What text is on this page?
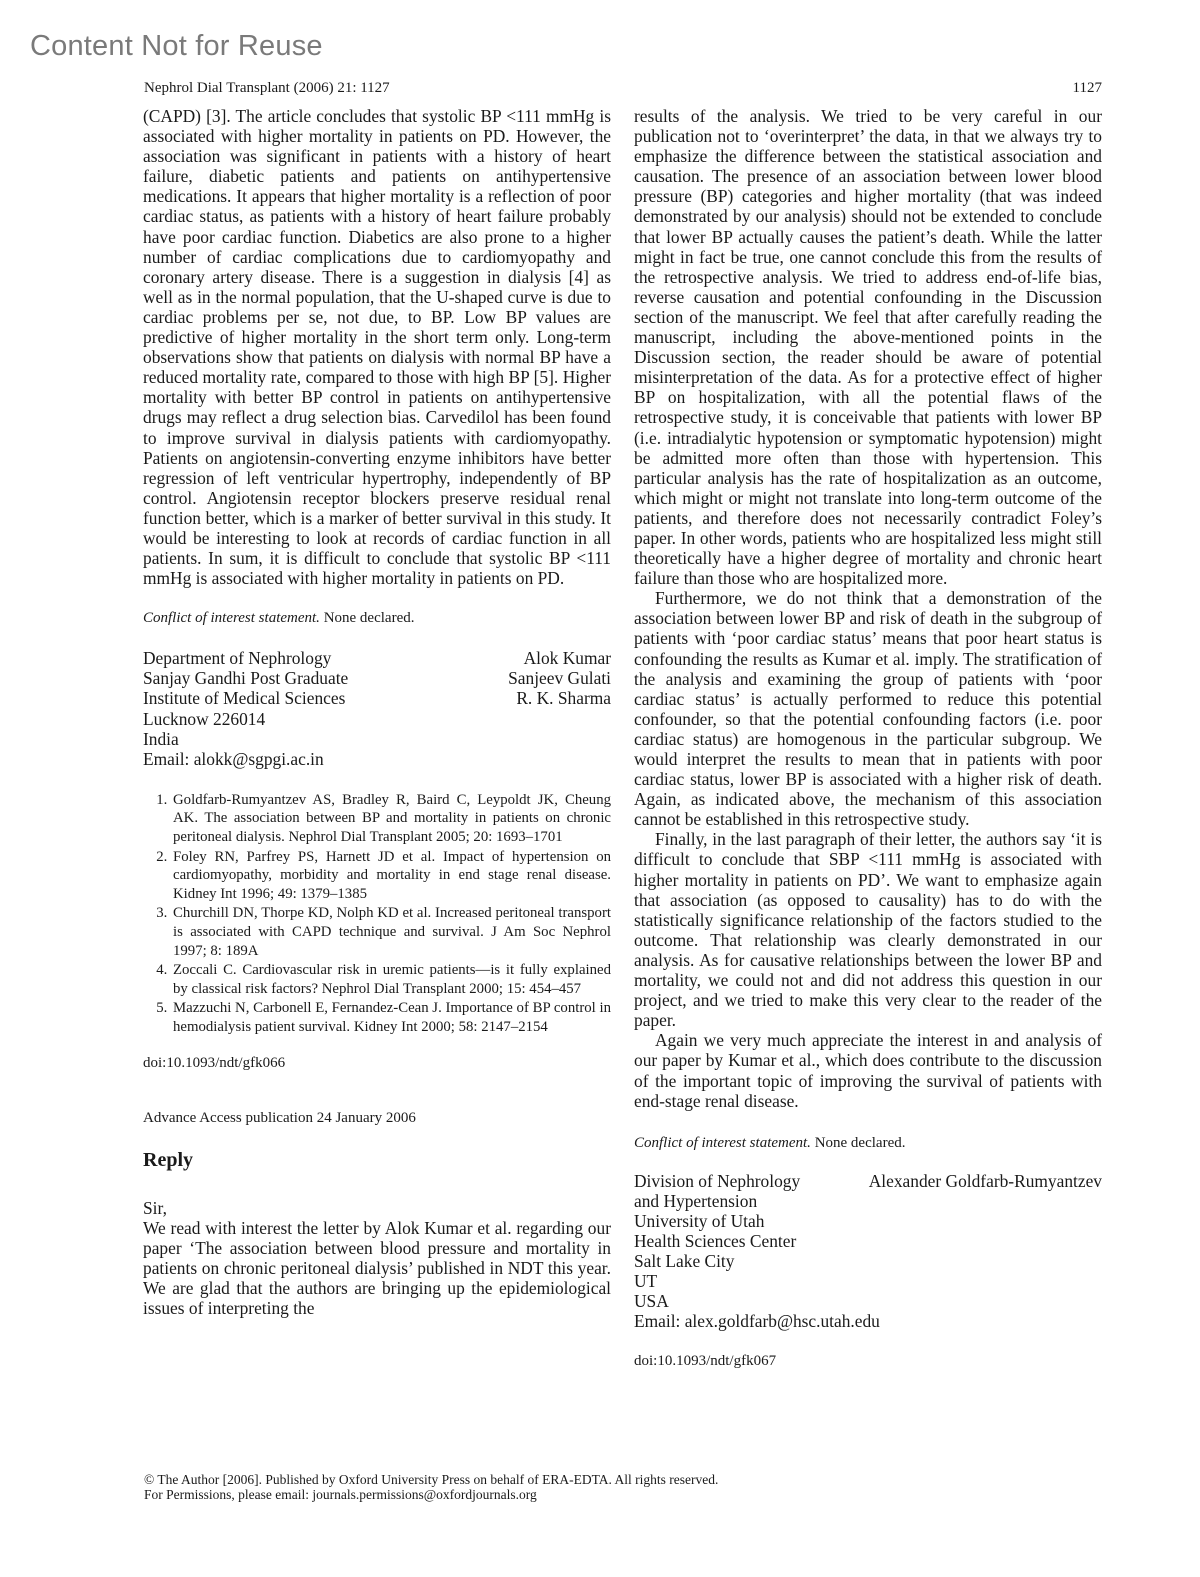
Content Not for Reuse
Nephrol Dial Transplant (2006) 21: 1127	1127

(CAPD) [3]. The article concludes that systolic BP <111 mmHg is associated with higher mortality in patients on PD. However, the association was significant in patients with a history of heart failure, diabetic patients and patients on antihypertensive medications. It appears that higher mortality is a reflection of poor cardiac status, as patients with a history of heart failure probably have poor cardiac function. Diabetics are also prone to a higher number of cardiac complications due to cardiomyopathy and coronary artery disease. There is a suggestion in dialysis [4] as well as in the normal population, that the U-shaped curve is due to cardiac problems per se, not due, to BP. Low BP values are predictive of higher mortality in the short term only. Long-term observations show that patients on dialysis with normal BP have a reduced mortality rate, compared to those with high BP [5]. Higher mortality with better BP control in patients on antihypertensive drugs may reflect a drug selection bias. Carvedilol has been found to improve survival in dialysis patients with cardiomyopathy. Patients on angiotensin-converting enzyme inhibitors have better regression of left ventricular hypertrophy, independently of BP control. Angiotensin receptor blockers preserve residual renal function better, which is a marker of better survival in this study. It would be interesting to look at records of cardiac function in all patients. In sum, it is difficult to conclude that systolic BP <111 mmHg is associated with higher mortality in patients on PD.

Conflict of interest statement. None declared.
Department of Nephrology
Sanjay Gandhi Post Graduate
Institute of Medical Sciences
Lucknow 226014
India
Email: alokk@sgpgi.ac.in
Alok Kumar
Sanjeev Gulati
R. K. Sharma
1. Goldfarb-Rumyantzev AS, Bradley R, Baird C, Leypoldt JK, Cheung AK. The association between BP and mortality in patients on chronic peritoneal dialysis. Nephrol Dial Transplant 2005; 20: 1693–1701
2. Foley RN, Parfrey PS, Harnett JD et al. Impact of hypertension on cardiomyopathy, morbidity and mortality in end stage renal disease. Kidney Int 1996; 49: 1379–1385
3. Churchill DN, Thorpe KD, Nolph KD et al. Increased peritoneal transport is associated with CAPD technique and survival. J Am Soc Nephrol 1997; 8: 189A
4. Zoccali C. Cardiovascular risk in uremic patients—is it fully explained by classical risk factors? Nephrol Dial Transplant 2000; 15: 454–457
5. Mazzuchi N, Carbonell E, Fernandez-Cean J. Importance of BP control in hemodialysis patient survival. Kidney Int 2000; 58: 2147–2154
doi:10.1093/ndt/gfk066
Advance Access publication 24 January 2006
Reply
Sir,

We read with interest the letter by Alok Kumar et al. regarding our paper ‘The association between blood pressure and mortality in patients on chronic peritoneal dialysis’ published in NDT this year. We are glad that the authors are bringing up the epidemiological issues of interpreting the

results of the analysis. We tried to be very careful in our publication not to ‘overinterpret’ the data, in that we always try to emphasize the difference between the statistical association and causation. The presence of an association between lower blood pressure (BP) categories and higher mortality (that was indeed demonstrated by our analysis) should not be extended to conclude that lower BP actually causes the patient’s death. While the latter might in fact be true, one cannot conclude this from the results of the retrospective analysis. We tried to address end-of-life bias, reverse causation and potential confounding in the Discussion section of the manuscript. We feel that after carefully reading the manuscript, including the above-mentioned points in the Discussion section, the reader should be aware of potential misinterpretation of the data. As for a protective effect of higher BP on hospitalization, with all the potential flaws of the retrospective study, it is conceivable that patients with lower BP (i.e. intradialytic hypotension or symptomatic hypotension) might be admitted more often than those with hypertension. This particular analysis has the rate of hospitalization as an outcome, which might or might not translate into long-term outcome of the patients, and therefore does not necessarily contradict Foley’s paper. In other words, patients who are hospitalized less might still theoretically have a higher degree of mortality and chronic heart failure than those who are hospitalized more.

Furthermore, we do not think that a demonstration of the association between lower BP and risk of death in the subgroup of patients with ‘poor cardiac status’ means that poor heart status is confounding the results as Kumar et al. imply. The stratification of the analysis and examining the group of patients with ‘poor cardiac status’ is actually performed to reduce this potential confounder, so that the potential confounding factors (i.e. poor cardiac status) are homogenous in the particular subgroup. We would interpret the results to mean that in patients with poor cardiac status, lower BP is associated with a higher risk of death. Again, as indicated above, the mechanism of this association cannot be established in this retrospective study.

Finally, in the last paragraph of their letter, the authors say ‘it is difficult to conclude that SBP <111 mmHg is associated with higher mortality in patients on PD’. We want to emphasize again that association (as opposed to causality) has to do with the statistically significance relationship of the factors studied to the outcome. That relationship was clearly demonstrated in our analysis. As for causative relationships between the lower BP and mortality, we could not and did not address this question in our project, and we tried to make this very clear to the reader of the paper.

Again we very much appreciate the interest in and analysis of our paper by Kumar et al., which does contribute to the discussion of the important topic of improving the survival of patients with end-stage renal disease.

Conflict of interest statement. None declared.
Alexander Goldfarb-Rumyantzev
Division of Nephrology
and Hypertension
University of Utah
Health Sciences Center
Salt Lake City
UT
USA
Email: alex.goldfarb@hsc.utah.edu
doi:10.1093/ndt/gfk067
© The Author [2006]. Published by Oxford University Press on behalf of ERA-EDTA. All rights reserved.
For Permissions, please email: journals.permissions@oxfordjournals.org
